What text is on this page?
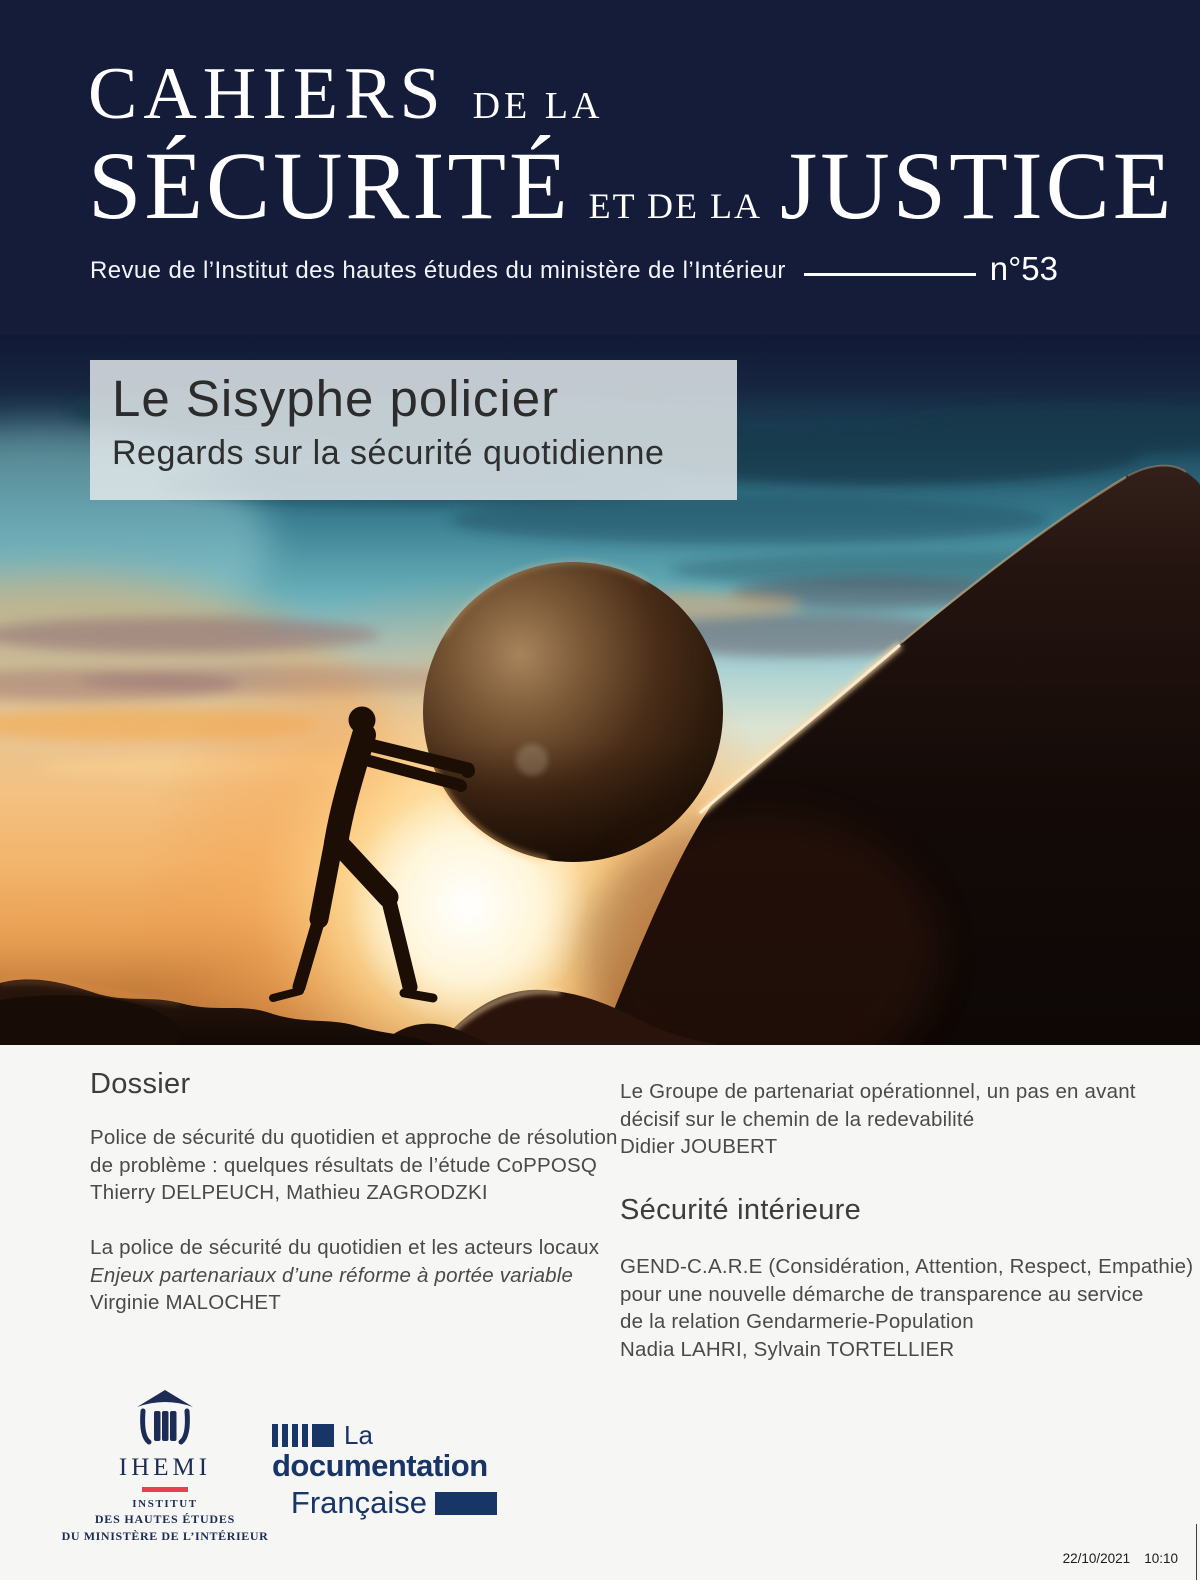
CAHIERS DE LA
SÉCURITÉ ET DE LA JUSTICE
Revue de l’Institut des hautes études du ministère de l’Intérieur	n°53
Le Sisyphe policier
Regards sur la sécurité quotidienne
Dossier
Police de sécurité du quotidien et approche de résolution
de problème : quelques résultats de l’étude CoPPOSQ
Thierry DELPEUCH, Mathieu ZAGRODZKI
La police de sécurité du quotidien et les acteurs locaux
Enjeux partenariaux d’une réforme à portée variable
Virginie MALOCHET
Le Groupe de partenariat opérationnel, un pas en avant
décisif sur le chemin de la redevabilité
Didier JOUBERT
Sécurité intérieure
GEND-C.A.R.E (Considération, Attention, Respect, Empathie)
pour une nouvelle démarche de transparence au service
de la relation Gendarmerie-Population
Nadia LAHRI, Sylvain TORTELLIER
IHEMI
INSTITUT
DES HAUTES ÉTUDES
DU MINISTÈRE DE L’INTÉRIEUR
La
documentation
Française
22/10/2021 10:10
